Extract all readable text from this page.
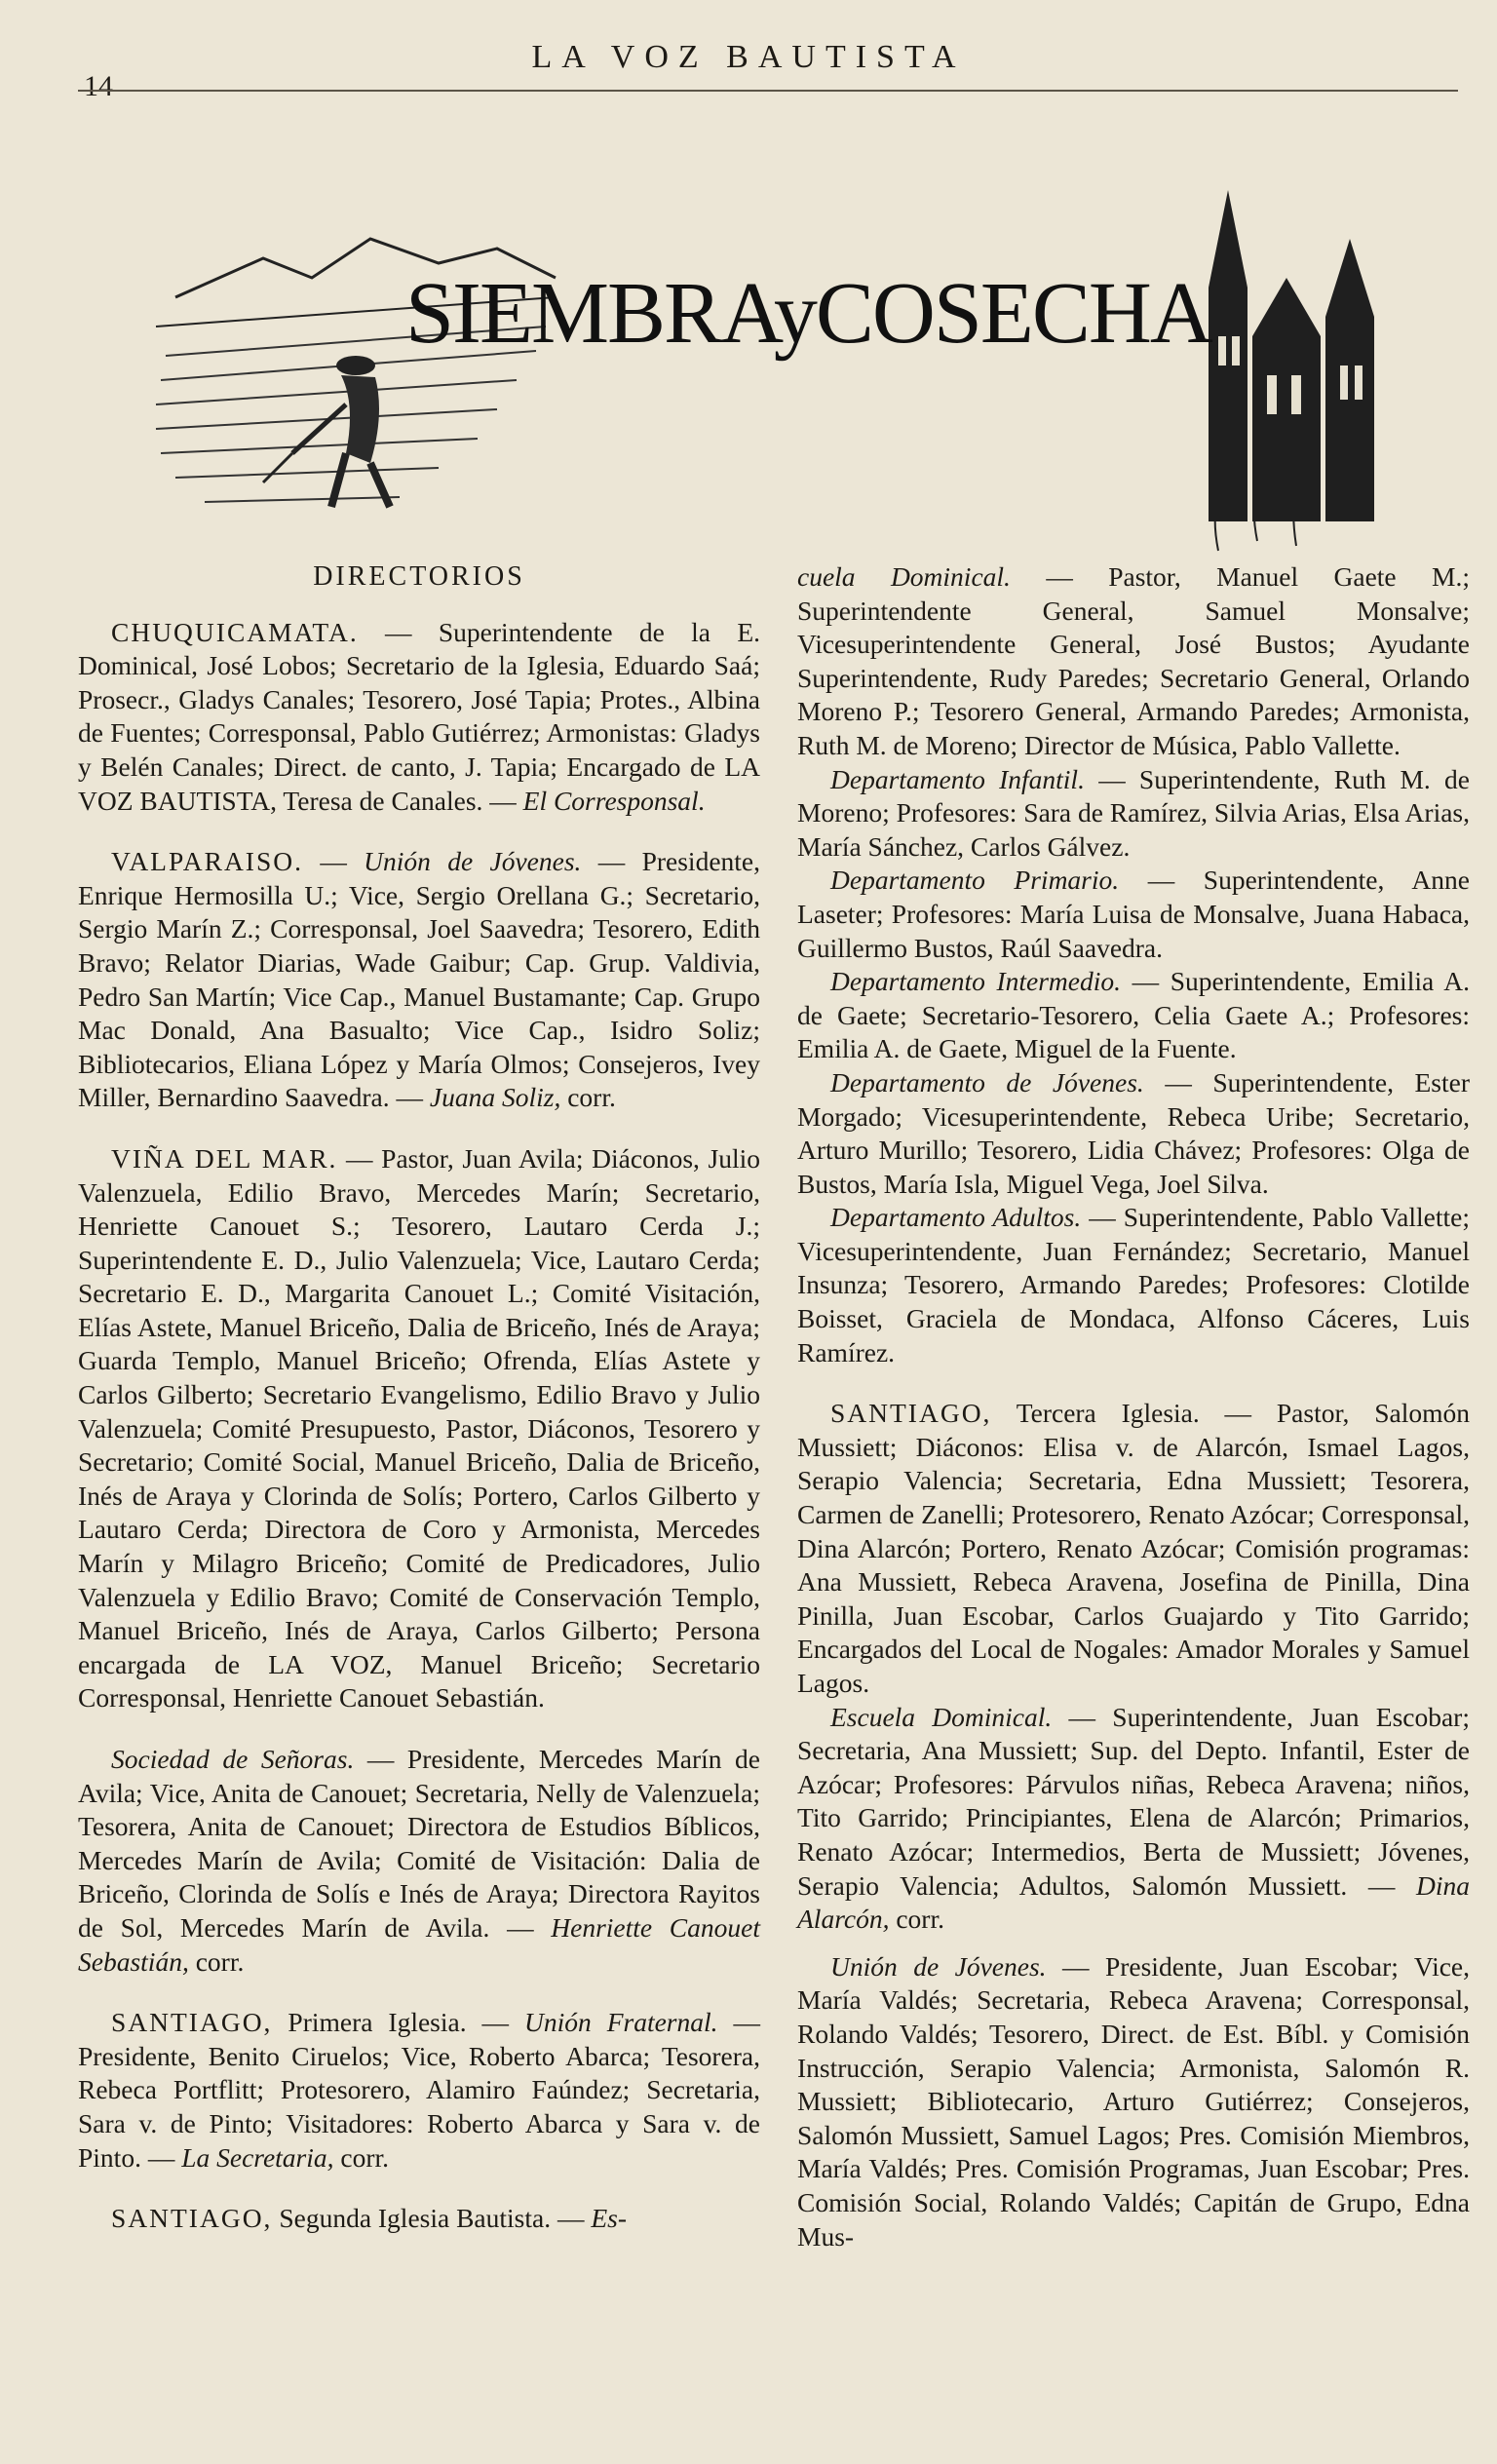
14
LA VOZ BAUTISTA
SIEMBRAyCOSECHA

DIRECTORIOS

CHUQUICAMATA. — Superintendente de la E. Dominical, José Lobos; Secretario de la Iglesia, Eduardo Saá; Prosecr., Gladys Canales; Tesorero, José Tapia; Protes., Albina de Fuentes; Corresponsal, Pablo Gutiérrez; Armonistas: Gladys y Belén Canales; Direct. de canto, J. Tapia; Encargado de LA VOZ BAUTISTA, Teresa de Canales. — El Corresponsal.

VALPARAISO. — Unión de Jóvenes. — Presidente, Enrique Hermosilla U.; Vice, Sergio Orellana G.; Secretario, Sergio Marín Z.; Corresponsal, Joel Saavedra; Tesorero, Edith Bravo; Relator Diarias, Wade Gaibur; Cap. Grup. Valdivia, Pedro San Martín; Vice Cap., Manuel Bustamante; Cap. Grupo Mac Donald, Ana Basualto; Vice Cap., Isidro Soliz; Bibliotecarios, Eliana López y María Olmos; Consejeros, Ivey Miller, Bernardino Saavedra. — Juana Soliz, corr.

VIÑA DEL MAR. — Pastor, Juan Avila; Diáconos, Julio Valenzuela, Edilio Bravo, Mercedes Marín; Secretario, Henriette Canouet S.; Tesorero, Lautaro Cerda J.; Superintendente E. D., Julio Valenzuela; Vice, Lautaro Cerda; Secretario E. D., Margarita Canouet L.; Comité Visitación, Elías Astete, Manuel Briceño, Dalia de Briceño, Inés de Araya; Guarda Templo, Manuel Briceño; Ofrenda, Elías Astete y Carlos Gilberto; Secretario Evangelismo, Edilio Bravo y Julio Valenzuela; Comité Presupuesto, Pastor, Diáconos, Tesorero y Secretario; Comité Social, Manuel Briceño, Dalia de Briceño, Inés de Araya y Clorinda de Solís; Portero, Carlos Gilberto y Lautaro Cerda; Directora de Coro y Armonista, Mercedes Marín y Milagro Briceño; Comité de Predicadores, Julio Valenzuela y Edilio Bravo; Comité de Conservación Templo, Manuel Briceño, Inés de Araya, Carlos Gilberto; Persona encargada de LA VOZ, Manuel Briceño; Secretario Corresponsal, Henriette Canouet Sebastián.

Sociedad de Señoras. — Presidente, Mercedes Marín de Avila; Vice, Anita de Canouet; Secretaria, Nelly de Valenzuela; Tesorera, Anita de Canouet; Directora de Estudios Bíblicos, Mercedes Marín de Avila; Comité de Visitación: Dalia de Briceño, Clorinda de Solís e Inés de Araya; Directora Rayitos de Sol, Mercedes Marín de Avila. — Henriette Canouet Sebastián, corr.

SANTIAGO, Primera Iglesia. — Unión Fraternal. — Presidente, Benito Ciruelos; Vice, Roberto Abarca; Tesorera, Rebeca Portflitt; Protesorero, Alamiro Faúndez; Secretaria, Sara v. de Pinto; Visitadores: Roberto Abarca y Sara v. de Pinto. — La Secretaria, corr.

SANTIAGO, Segunda Iglesia Bautista. — Es-

cuela Dominical. — Pastor, Manuel Gaete M.; Superintendente General, Samuel Monsalve; Vicesuperintendente General, José Bustos; Ayudante Superintendente, Rudy Paredes; Secretario General, Orlando Moreno P.; Tesorero General, Armando Paredes; Armonista, Ruth M. de Moreno; Director de Música, Pablo Vallette.

Departamento Infantil. — Superintendente, Ruth M. de Moreno; Profesores: Sara de Ramírez, Silvia Arias, Elsa Arias, María Sánchez, Carlos Gálvez.

Departamento Primario. — Superintendente, Anne Laseter; Profesores: María Luisa de Monsalve, Juana Habaca, Guillermo Bustos, Raúl Saavedra.

Departamento Intermedio. — Superintendente, Emilia A. de Gaete; Secretario-Tesorero, Celia Gaete A.; Profesores: Emilia A. de Gaete, Miguel de la Fuente.

Departamento de Jóvenes. — Superintendente, Ester Morgado; Vicesuperintendente, Rebeca Uribe; Secretario, Arturo Murillo; Tesorero, Lidia Chávez; Profesores: Olga de Bustos, María Isla, Miguel Vega, Joel Silva.

Departamento Adultos. — Superintendente, Pablo Vallette; Vicesuperintendente, Juan Fernández; Secretario, Manuel Insunza; Tesorero, Armando Paredes; Profesores: Clotilde Boisset, Graciela de Mondaca, Alfonso Cáceres, Luis Ramírez.

SANTIAGO, Tercera Iglesia. — Pastor, Salomón Mussiett; Diáconos: Elisa v. de Alarcón, Ismael Lagos, Serapio Valencia; Secretaria, Edna Mussiett; Tesorera, Carmen de Zanelli; Protesorero, Renato Azócar; Corresponsal, Dina Alarcón; Portero, Renato Azócar; Comisión programas: Ana Mussiett, Rebeca Aravena, Josefina de Pinilla, Dina Pinilla, Juan Escobar, Carlos Guajardo y Tito Garrido; Encargados del Local de Nogales: Amador Morales y Samuel Lagos.

Escuela Dominical. — Superintendente, Juan Escobar; Secretaria, Ana Mussiett; Sup. del Depto. Infantil, Ester de Azócar; Profesores: Párvulos niñas, Rebeca Aravena; niños, Tito Garrido; Principiantes, Elena de Alarcón; Primarios, Renato Azócar; Intermedios, Berta de Mussiett; Jóvenes, Serapio Valencia; Adultos, Salomón Mussiett. — Dina Alarcón, corr.

Unión de Jóvenes. — Presidente, Juan Escobar; Vice, María Valdés; Secretaria, Rebeca Aravena; Corresponsal, Rolando Valdés; Tesorero, Direct. de Est. Bíbl. y Comisión Instrucción, Serapio Valencia; Armonista, Salomón R. Mussiett; Bibliotecario, Arturo Gutiérrez; Consejeros, Salomón Mussiett, Samuel Lagos; Pres. Comisión Miembros, María Valdés; Pres. Comisión Programas, Juan Escobar; Pres. Comisión Social, Rolando Valdés; Capitán de Grupo, Edna Mus-
